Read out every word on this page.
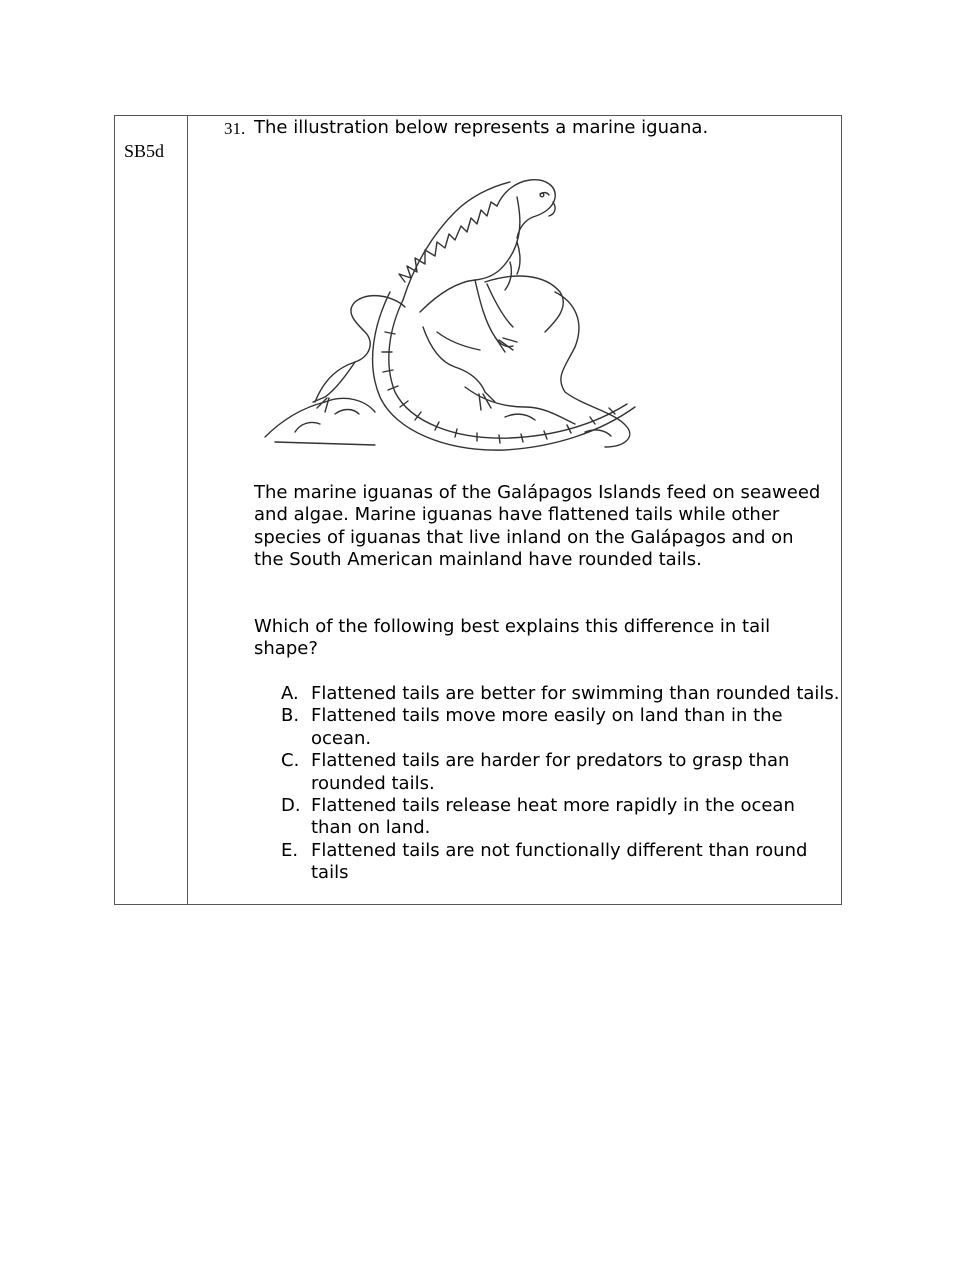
SB5d
31. The illustration below represents a marine iguana.
The marine iguanas of the Galápagos Islands feed on seaweed and algae. Marine iguanas have flattened tails while other species of iguanas that live inland on the Galápagos and on the South American mainland have rounded tails.
Which of the following best explains this difference in tail shape?
A. Flattened tails are better for swimming than rounded tails.
B. Flattened tails move more easily on land than in the ocean.
C. Flattened tails are harder for predators to grasp than rounded tails.
D. Flattened tails release heat more rapidly in the ocean than on land.
E. Flattened tails are not functionally different than round tails
